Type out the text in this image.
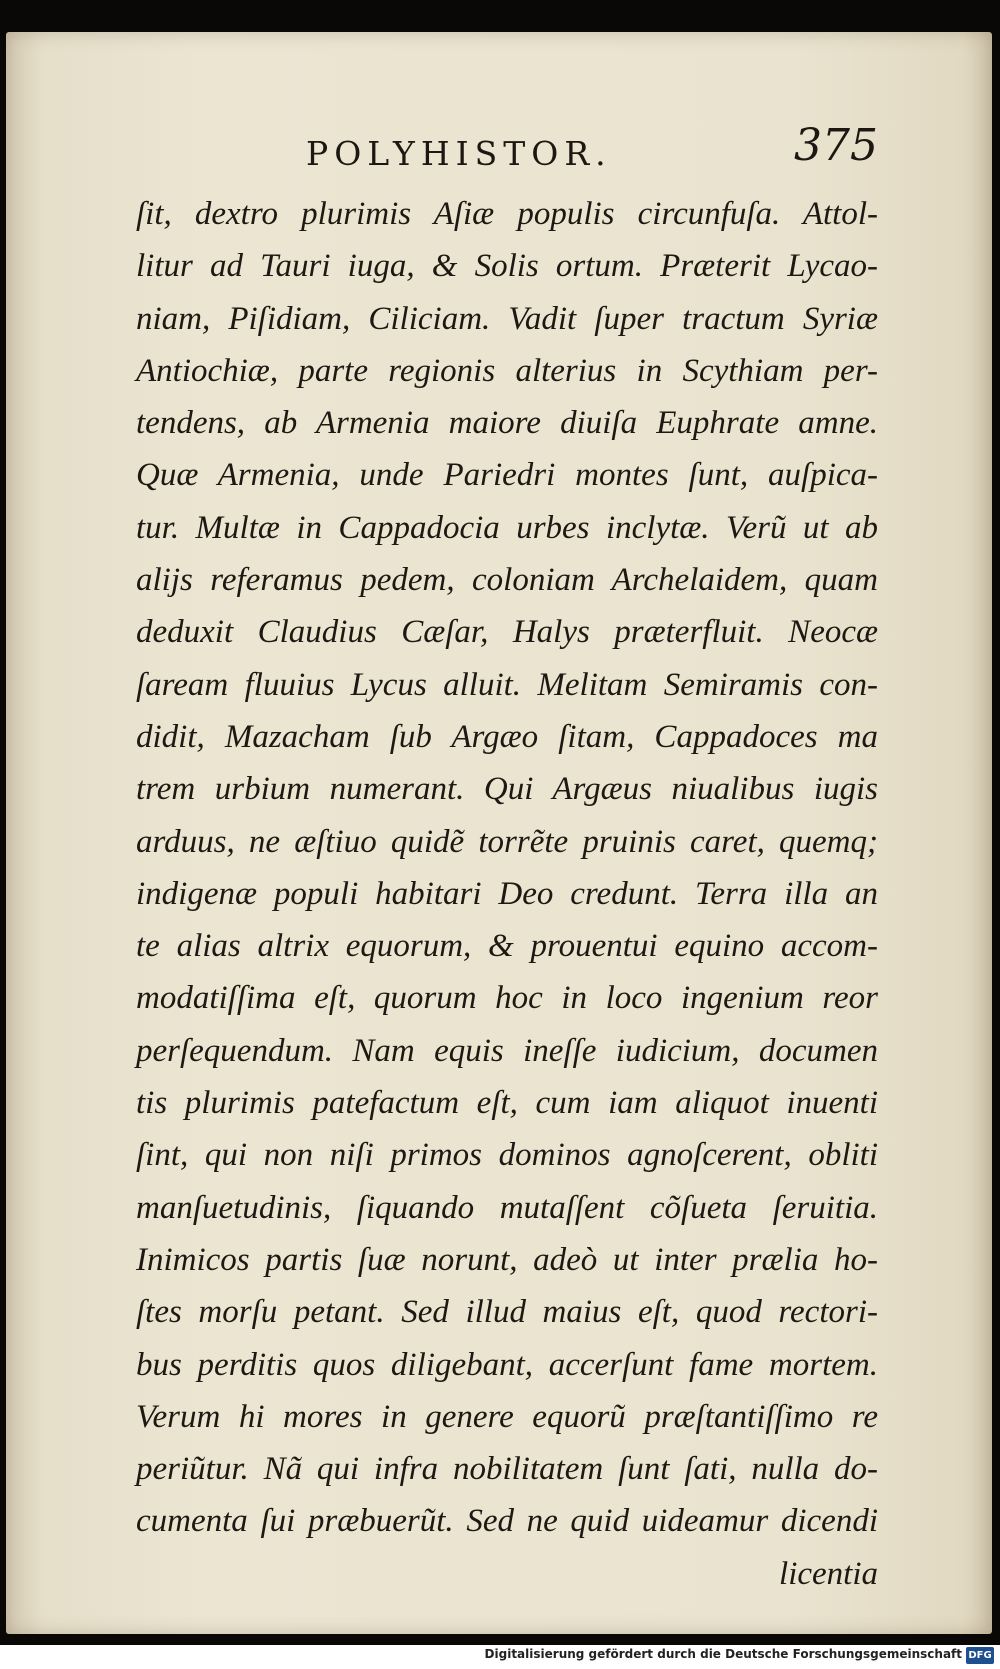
POLYHISTOR.	375
ſit, dextro plurimis Aſiæ populis circunfuſa. Attol-
litur ad Tauri iuga, & Solis ortum. Præterit Lycao-
niam, Piſidiam, Ciliciam. Vadit ſuper tractum Syriæ
Antiochiæ, parte regionis alterius in Scythiam per-
tendens, ab Armenia maiore diuiſa Euphrate amne.
Quæ Armenia, unde Pariedri montes ſunt, auſpica-
tur. Multæ in Cappadocia urbes inclytæ. Verũ ut ab
alijs referamus pedem, coloniam Archelaidem, quam
deduxit Claudius Cæſar, Halys præterfluit. Neocæ
ſaream fluuius Lycus alluit. Melitam Semiramis con-
didit, Mazacham ſub Argæo ſitam, Cappadoces ma
trem urbium numerant. Qui Argæus niualibus iugis
arduus, ne æſtiuo quidẽ torrẽte pruinis caret, quemq;
indigenæ populi habitari Deo credunt. Terra illa an
te alias altrix equorum, & prouentui equino accom-
modatiſſima eſt, quorum hoc in loco ingenium reor
perſequendum. Nam equis ineſſe iudicium, documen
tis plurimis patefactum eſt, cum iam aliquot inuenti
ſint, qui non niſi primos dominos agnoſcerent, obliti
manſuetudinis, ſiquando mutaſſent cõſueta ſeruitia.
Inimicos partis ſuæ norunt, adeò ut inter prælia ho-
ſtes morſu petant. Sed illud maius eſt, quod rectori-
bus perditis quos diligebant, accerſunt fame mortem.
Verum hi mores in genere equorũ præſtantiſſimo re
periũtur. Nã qui infra nobilitatem ſunt ſati, nulla do-
cumenta ſui præbuerũt. Sed ne quid uideamur dicendi
licentia
Digitalisierung gefördert durch die Deutsche Forschungsgemeinschaft DFG
